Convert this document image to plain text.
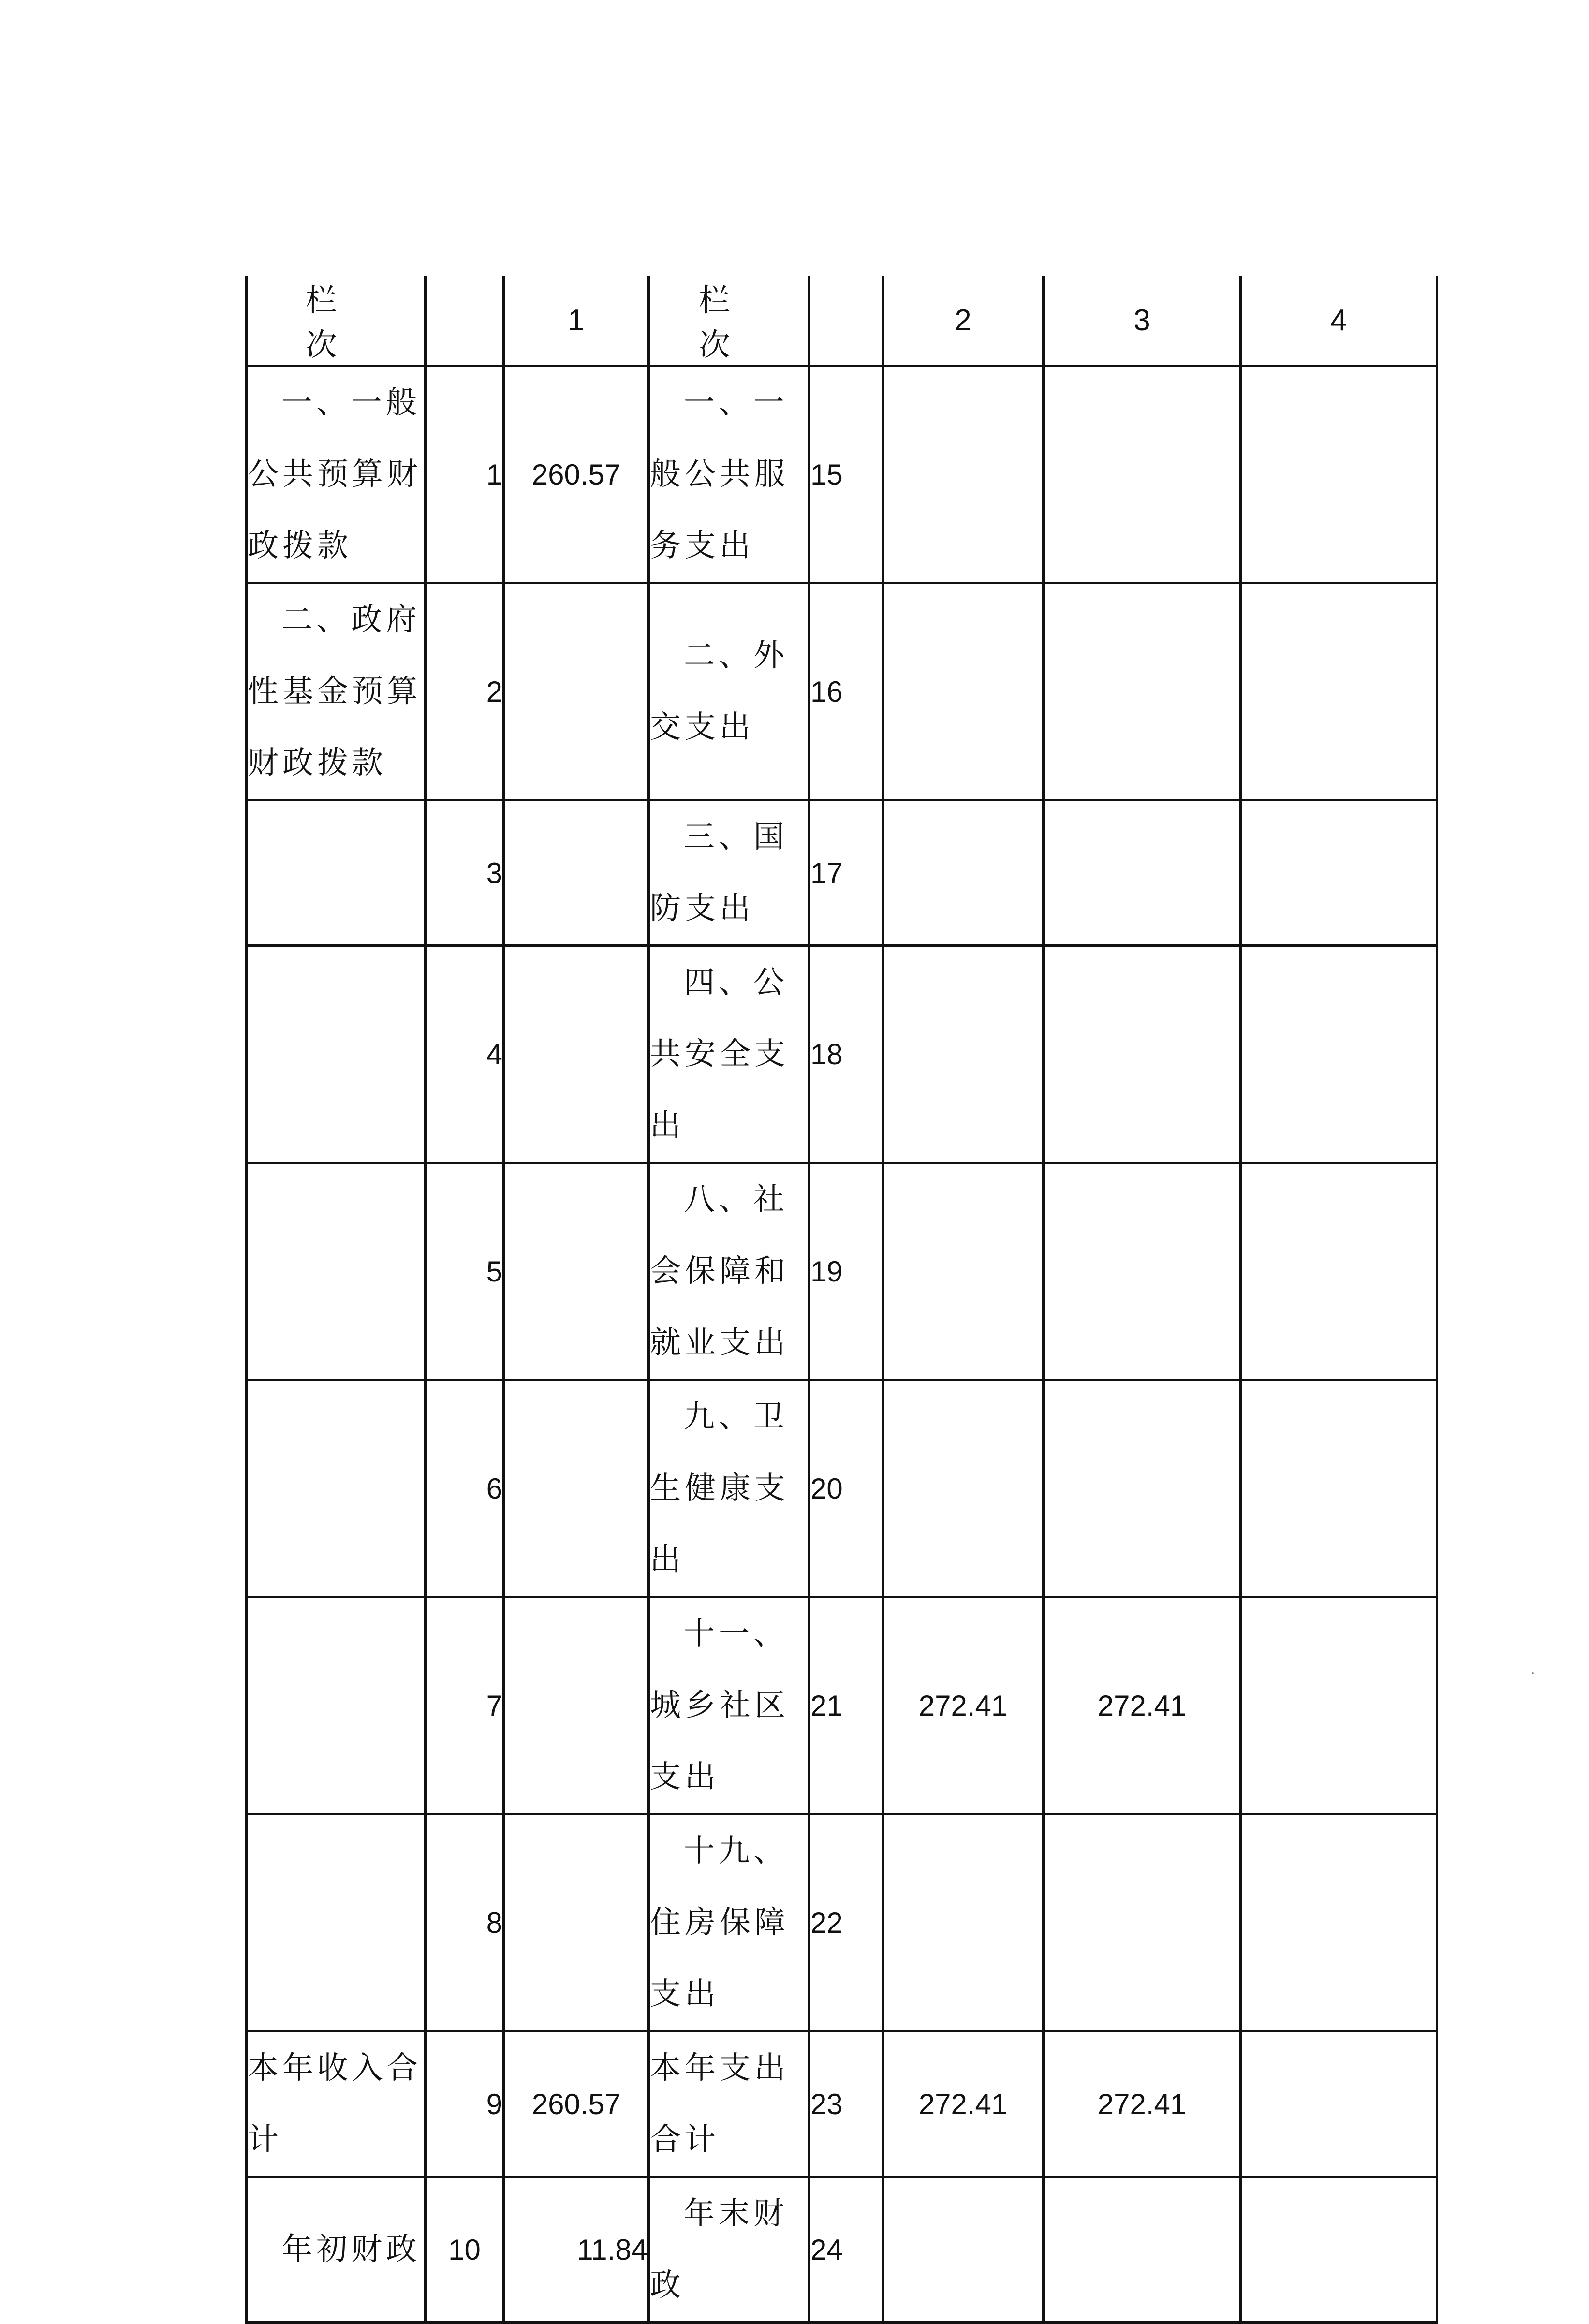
栏　次		1	栏　次		2	3	4
一、一般公共预算财政拨款	1	260.57	一、一般公共服务支出	15			
二、政府性基金预算财政拨款	2		二、外交支出	16			
	3		三、国防支出	17			
	4		四、公共安全支出	18			
	5		八、社会保障和就业支出	19			
	6		九、卫生健康支出	20			
	7		十一、城乡社区支出	21	272.41	272.41	
	8		十九、住房保障支出	22			
本年收入合计	9	260.57	本年支出合计	23	272.41	272.41	
年初财政	10	11.84	年末财政	24			
